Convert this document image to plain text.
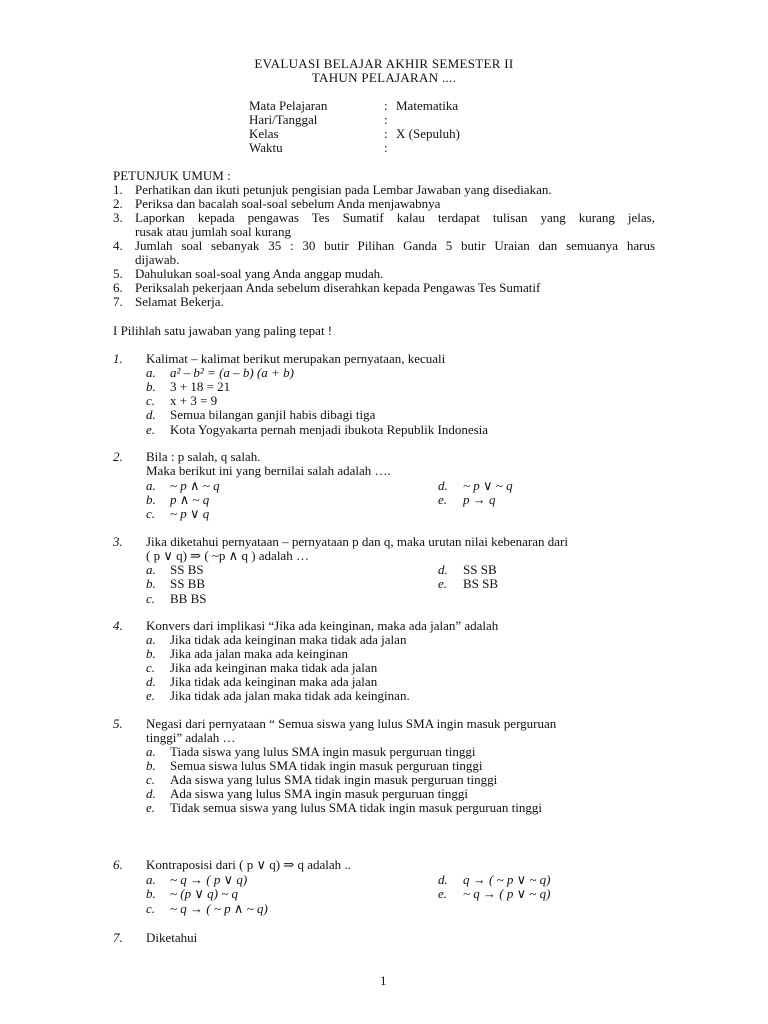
EVALUASI BELAJAR AKHIR SEMESTER II
TAHUN PELAJARAN ....
Mata Pelajaran	: Matematika
Hari/Tanggal	:
Kelas	: X (Sepuluh)
Waktu	:
PETUNJUK UMUM :
1. Perhatikan dan ikuti petunjuk pengisian pada Lembar Jawaban yang disediakan.
2. Periksa dan bacalah soal-soal sebelum Anda menjawabnya
3. Laporkan kepada pengawas Tes Sumatif kalau terdapat tulisan yang kurang jelas,
rusak atau jumlah soal kurang
4. Jumlah soal sebanyak 35 : 30 butir Pilihan Ganda 5 butir Uraian dan semuanya harus
dijawab.
5. Dahulukan soal-soal yang Anda anggap mudah.
6. Periksalah pekerjaan Anda sebelum diserahkan kepada Pengawas Tes Sumatif
7. Selamat Bekerja.
I Pilihlah satu jawaban yang paling tepat !
1. Kalimat – kalimat berikut merupakan pernyataan, kecuali
a. a² – b² = (a – b) (a + b)
b. 3 + 18 = 21
c. x + 3 = 9
d. Semua bilangan ganjil habis dibagi tiga
e. Kota Yogyakarta pernah menjadi ibukota Republik Indonesia
2. Bila : p salah, q salah.
Maka berikut ini yang bernilai salah adalah ….
a. ~ p ∧ ~ q
b. p ∧ ~ q
c. ~ p ∨ q
d. ~ p ∨ ~ q
e. p → q
3. Jika diketahui pernyataan – pernyataan p dan q, maka urutan nilai kebenaran dari
( p ∨ q) ⇒ ( ~p ∧ q ) adalah …
a. SS BS
b. SS BB
c. BB BS
d. SS SB
e. BS SB
4. Konvers dari implikasi “Jika ada keinginan, maka ada jalan” adalah
a. Jika tidak ada keinginan maka tidak ada jalan
b. Jika ada jalan maka ada keinginan
c. Jika ada keinginan maka tidak ada jalan
d. Jika tidak ada keinginan maka ada jalan
e. Jika tidak ada jalan maka tidak ada keinginan.
5. Negasi dari pernyataan “ Semua siswa yang lulus SMA ingin masuk perguruan
tinggi” adalah …
a. Tiada siswa yang lulus SMA ingin masuk perguruan tinggi
b. Semua siswa lulus SMA tidak ingin masuk perguruan tinggi
c. Ada siswa yang lulus SMA tidak ingin masuk perguruan tinggi
d. Ada siswa yang lulus SMA ingin masuk perguruan tinggi
e. Tidak semua siswa yang lulus SMA tidak ingin masuk perguruan tinggi
6. Kontraposisi dari ( p ∨ q) ⇒ q adalah ..
a. ~ q → ( p ∨ q)
b. ~ (p ∨ q) ~ q
c. ~ q → ( ~ p ∧ ~ q)
d. q → ( ~ p ∨ ~ q)
e. ~ q → ( p ∨ ~ q)
7. Diketahui
1
